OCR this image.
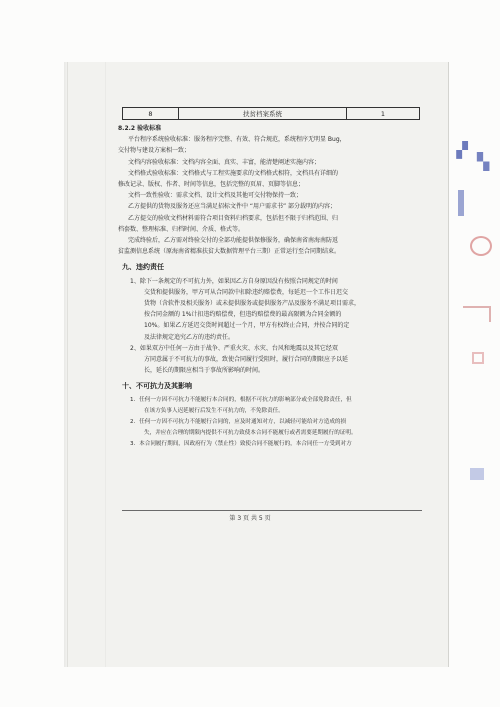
8	扶贫档案系统	1
8.2.2 验收标准
平台程序系统验收标准：服务程序完整、有效、符合规范，系统程序无明显 Bug，
交付物与建设方案相一致；
文档内容验收标准：文档内容全面、真实、丰富，能清楚阐述实施内容；
文档格式验收标准：文档格式与工程实施要求的文档格式相符，文档具有详细的
修改记录、版权、作者、时间等信息，包括完整的页眉、页脚等信息；
文档一致性验收：需求文档、设计文档及其他可交付物保持一致；
乙方提供的货物及服务还应当满足招标文件中 “用户需求书” 部分载明的内容；
乙方提交的验收文档材料需符合项目资料归档要求，包括但不限于归档范围、归
档套数、整理标准、归档时间、介质、格式等。
完成终验后，乙方需对终验交付的全部功能提供保修服务，确保南省南海南防返
贫监测信息系统（原海南省精准扶贫大数据管理平台三期）正常运行至合同期结束。
九、违约责任
1、除下一条规定的不可抗力外，如果因乙方自身原因没有按照合同规定的时间
交货和提供服务，甲方可从合同款中扣除违约赔偿费，每延迟一个工作日迟交
货物（含软件及相关服务）或未提供服务或提供服务产品及服务不满足项目需求，
按合同金额的 1%计扣违约赔偿费，但违约赔偿费的最高限额为合同金额的
10%。如果乙方延迟交货时间超过一个月，甲方有权终止合同，并按合同的定
及法律规定追究乙方的违约责任。
2、如果双方中任何一方由于战争、严重火灾、水灾、台风和地震以及其它经双
方同意属于不可抗力的事故，致使合同履行受阻时，履行合同的期限应予以延
长，延长的期限应相当于事故所影响的时间。
十、不可抗力及其影响
1．任何一方因不可抗力不能履行本合同的，根据不可抗力的影响部分或全部免除责任，但
在该方负事人迟延履行后发生不可抗力的，不免除责任。
2．任何一方因不可抗力不能履行合同的，应及时通知对方，以减轻可能给对方造成的损
失，并应在合理的期限内提供不可抗力致使本合同不能履行或者需要延期履行的证明。
3．本合同履行期间，因政府行为（禁止性）致使合同不能履行的，本合同任一方受到对方
第 3 页 共 5 页
▞
▚
